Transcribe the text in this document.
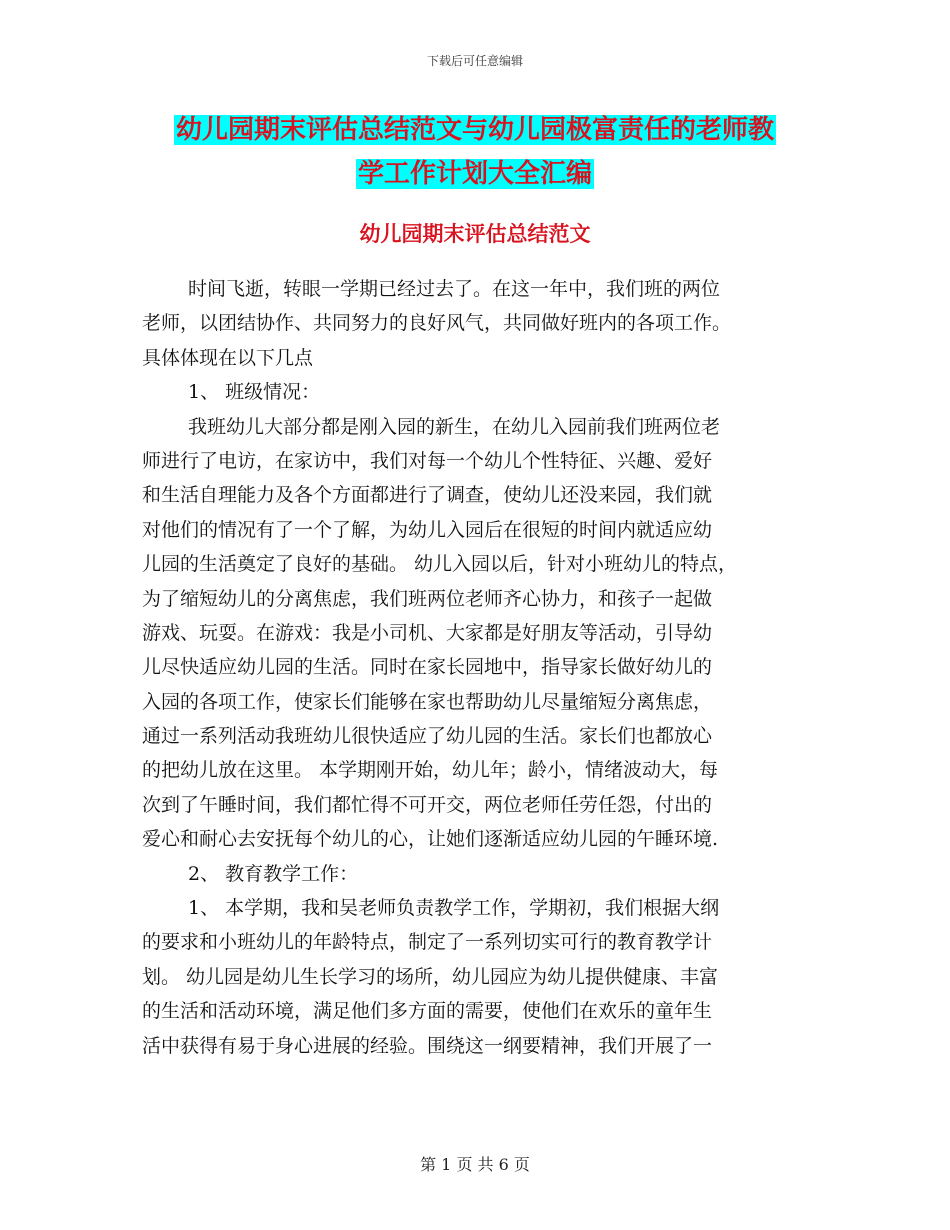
下载后可任意编辑
幼儿园期末评估总结范文与幼儿园极富责任的老师教
学工作计划大全汇编
幼儿园期末评估总结范文
时间飞逝，转眼一学期已经过去了。在这一年中，我们班的两位
老师，以团结协作、共同努力的良好风气，共同做好班内的各项工作。
具体体现在以下几点
1、 班级情况：
我班幼儿大部分都是刚入园的新生，在幼儿入园前我们班两位老
师进行了电访，在家访中，我们对每一个幼儿个性特征、兴趣、爱好
和生活自理能力及各个方面都进行了调查，使幼儿还没来园，我们就
对他们的情况有了一个了解，为幼儿入园后在很短的时间内就适应幼
儿园的生活奠定了良好的基础。 幼儿入园以后，针对小班幼儿的特点，
为了缩短幼儿的分离焦虑，我们班两位老师齐心协力，和孩子一起做
游戏、玩耍。在游戏：我是小司机、大家都是好朋友等活动，引导幼
儿尽快适应幼儿园的生活。同时在家长园地中，指导家长做好幼儿的
入园的各项工作，使家长们能够在家也帮助幼儿尽量缩短分离焦虑，
通过一系列活动我班幼儿很快适应了幼儿园的生活。家长们也都放心
的把幼儿放在这里。 本学期刚开始，幼儿年；龄小，情绪波动大，每
次到了午睡时间，我们都忙得不可开交，两位老师任劳任怨，付出的
爱心和耐心去安抚每个幼儿的心，让她们逐渐适应幼儿园的午睡环境.
2、 教育教学工作：
1、 本学期，我和吴老师负责教学工作，学期初，我们根据大纲
的要求和小班幼儿的年龄特点，制定了一系列切实可行的教育教学计
划。 幼儿园是幼儿生长学习的场所，幼儿园应为幼儿提供健康、丰富
的生活和活动环境，满足他们多方面的需要，使他们在欢乐的童年生
活中获得有易于身心进展的经验。围绕这一纲要精神，我们开展了一
第 1 页 共 6 页
